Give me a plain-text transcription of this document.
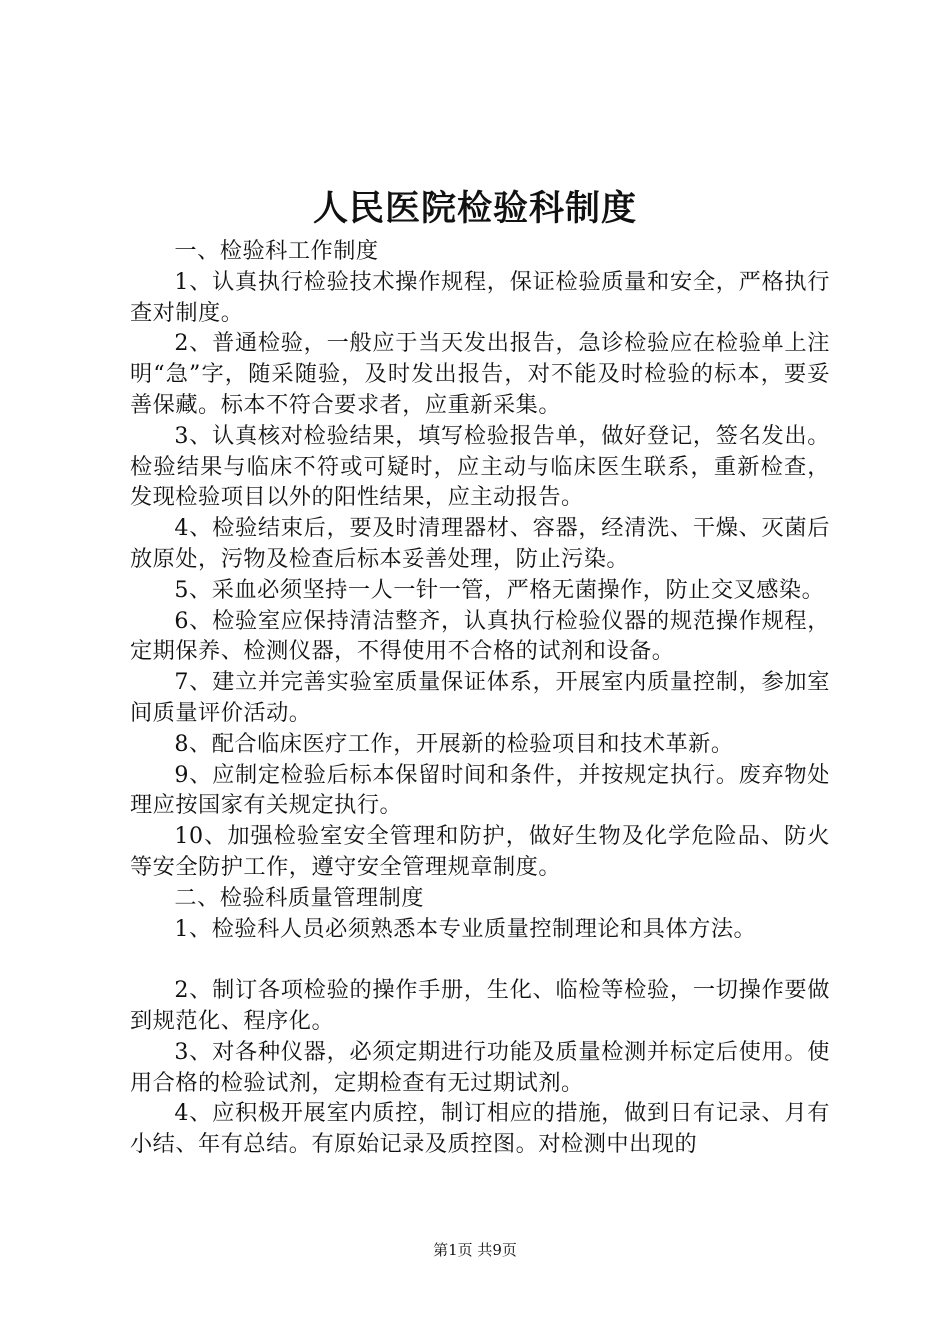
人民医院检验科制度

一、检验科工作制度

1、认真执行检验技术操作规程，保证检验质量和安全，严格执行查对制度。

2、普通检验，一般应于当天发出报告，急诊检验应在检验单上注明“急”字，随采随验，及时发出报告，对不能及时检验的标本，要妥善保藏。标本不符合要求者，应重新采集。

3、认真核对检验结果，填写检验报告单，做好登记，签名发出。检验结果与临床不符或可疑时，应主动与临床医生联系，重新检查，发现检验项目以外的阳性结果，应主动报告。

4、检验结束后，要及时清理器材、容器，经清洗、干燥、灭菌后放原处，污物及检查后标本妥善处理，防止污染。

5、采血必须坚持一人一针一管，严格无菌操作，防止交叉感染。

6、检验室应保持清洁整齐，认真执行检验仪器的规范操作规程，定期保养、检测仪器，不得使用不合格的试剂和设备。

7、建立并完善实验室质量保证体系，开展室内质量控制，参加室间质量评价活动。

8、配合临床医疗工作，开展新的检验项目和技术革新。

9、应制定检验后标本保留时间和条件，并按规定执行。废弃物处理应按国家有关规定执行。

10、加强检验室安全管理和防护，做好生物及化学危险品、防火等安全防护工作，遵守安全管理规章制度。

二、检验科质量管理制度

1、检验科人员必须熟悉本专业质量控制理论和具体方法。

2、制订各项检验的操作手册，生化、临检等检验，一切操作要做到规范化、程序化。

3、对各种仪器，必须定期进行功能及质量检测并标定后使用。使用合格的检验试剂，定期检查有无过期试剂。

4、应积极开展室内质控，制订相应的措施，做到日有记录、月有小结、年有总结。有原始记录及质控图。对检测中出现的

第1页 共9页
